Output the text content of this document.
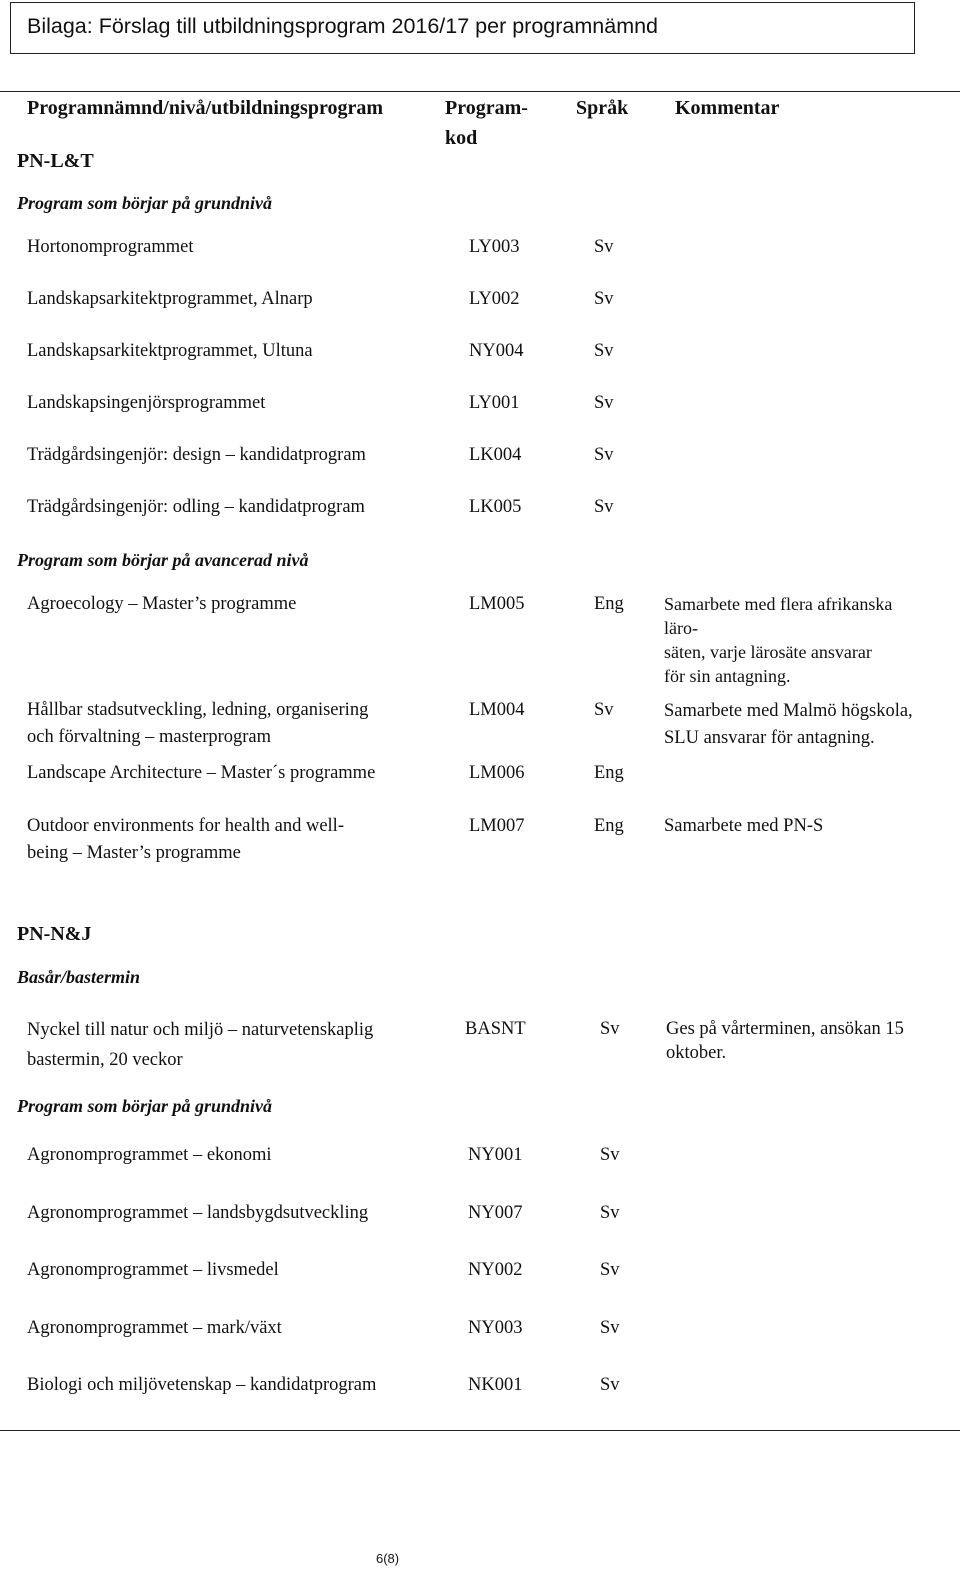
Bilaga: Förslag till utbildningsprogram 2016/17 per programnämnd
Programnämnd/nivå/utbildningsprogram	Program-
kod
Språk Kommentar
PN-L&T
Program som börjar på grundnivå
Hortonomprogrammet	LY003	Sv
Landskapsarkitektprogrammet, Alnarp	LY002	Sv
Landskapsarkitektprogrammet, Ultuna	NY004	Sv
Landskapsingenjörsprogrammet	LY001	Sv
Trädgårdsingenjör: design – kandidatprogram	LK004	Sv
Trädgårdsingenjör: odling – kandidatprogram	LK005	Sv
Program som börjar på avancerad nivå
Agroecology – Master’s programme	LM005	Eng Samarbete med flera afrikanska
läro-
säten, varje lärosäte ansvarar
för sin antagning.
Hållbar stadsutveckling, ledning, organisering
och förvaltning – masterprogram
LM004	Sv	Samarbete med Malmö högskola,
SLU ansvarar för antagning.
Landscape Architecture – Master´s programme	LM006	Eng
Outdoor environments for health and well-
being – Master’s programme
LM007	Eng Samarbete med PN-S
PN-N&J
Basår/bastermin
Nyckel till natur och miljö – naturvetenskaplig
bastermin, 20 veckor
BASNT	Sv	Ges på vårterminen, ansökan 15
oktober.
Program som börjar på grundnivå
Agronomprogrammet – ekonomi	NY001	Sv
Agronomprogrammet – landsbygdsutveckling	NY007	Sv
Agronomprogrammet – livsmedel	NY002	Sv
Agronomprogrammet – mark/växt	NY003	Sv
Biologi och miljövetenskap – kandidatprogram	NK001	Sv
6(8)
